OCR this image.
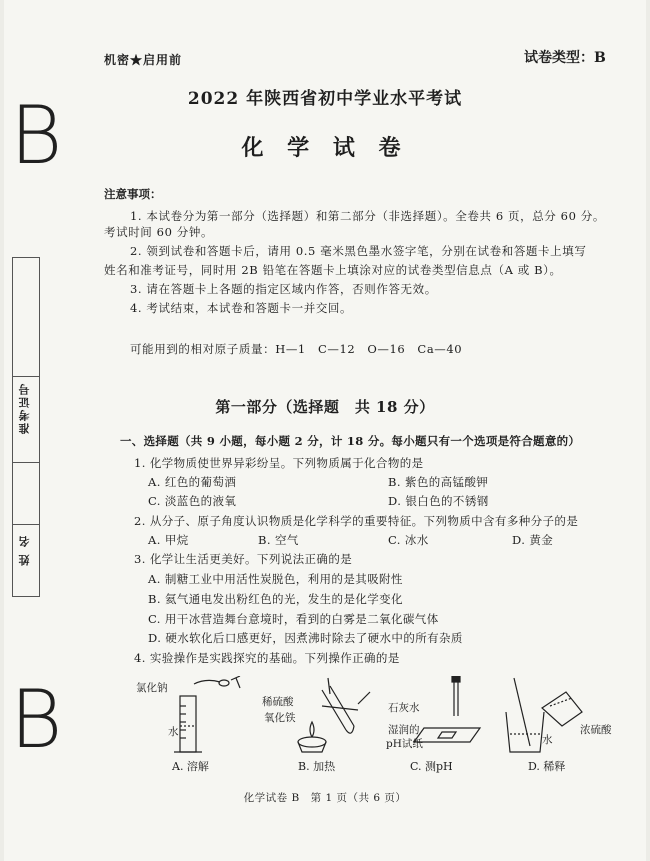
机密★启用前	试卷类型：B
B
B
2022 年陕西省初中学业水平考试
化 学 试 卷
准考证号
姓 名
注意事项：
1. 本试卷分为第一部分（选择题）和第二部分（非选择题）。全卷共 6 页，总分 60 分。
考试时间 60 分钟。
2. 领到试卷和答题卡后，请用 0.5 毫米黑色墨水签字笔，分别在试卷和答题卡上填写
姓名和准考证号，同时用 2B 铅笔在答题卡上填涂对应的试卷类型信息点（A 或 B）。
3. 请在答题卡上各题的指定区域内作答，否则作答无效。
4. 考试结束，本试卷和答题卡一并交回。
可能用到的相对原子质量：H—1　C—12　O—16　Ca—40
第一部分（选择题　共 18 分）
一、选择题（共 9 小题，每小题 2 分，计 18 分。每小题只有一个选项是符合题意的）
1. 化学物质使世界异彩纷呈。下列物质属于化合物的是
A. 红色的葡萄酒	B. 紫色的高锰酸钾
C. 淡蓝色的液氧	D. 银白色的不锈钢
2. 从分子、原子角度认识物质是化学科学的重要特征。下列物质中含有多种分子的是
A. 甲烷	B. 空气	C. 冰水	D. 黄金
3. 化学让生活更美好。下列说法正确的是
A. 制糖工业中用活性炭脱色，利用的是其吸附性
B. 氦气通电发出粉红色的光，发生的是化学变化
C. 用干冰营造舞台意境时，看到的白雾是二氧化碳气体
D. 硬水软化后口感更好，因煮沸时除去了硬水中的所有杂质
4. 实验操作是实践探究的基础。下列操作正确的是
氯化钠
水
A. 溶解
稀硫酸
氧化铁
B. 加热
石灰水
湿润的
pH试纸
C. 测pH
水
浓硫酸
D. 稀释
化学试卷 B　第 1 页（共 6 页）
